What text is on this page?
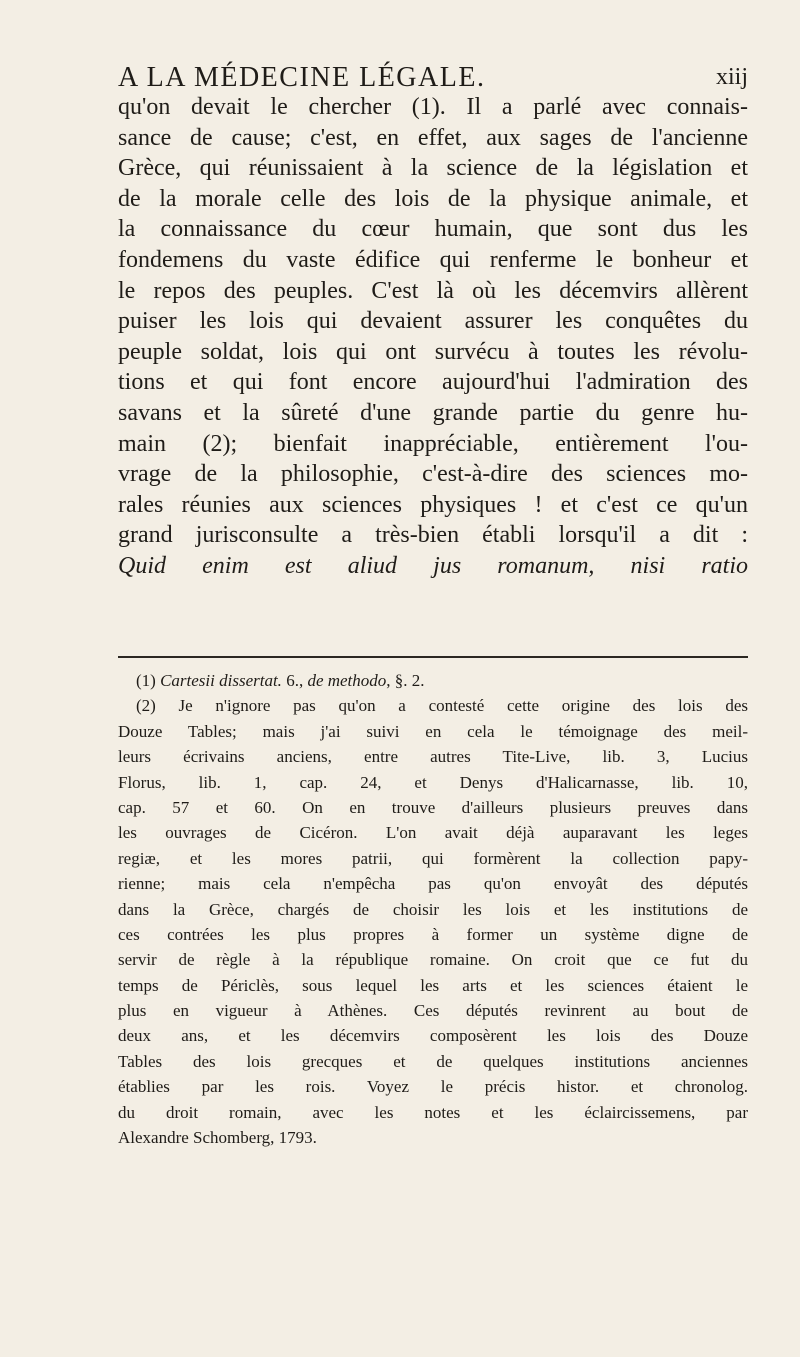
A LA MÉDECINE LÉGALE.	xiij
qu'on devait le chercher (1). Il a parlé avec connais-
sance de cause; c'est, en effet, aux sages de l'ancienne
Grèce, qui réunissaient à la science de la législation et
de la morale celle des lois de la physique animale, et
la connaissance du cœur humain, que sont dus les
fondemens du vaste édifice qui renferme le bonheur et
le repos des peuples. C'est là où les décemvirs allèrent
puiser les lois qui devaient assurer les conquêtes du
peuple soldat, lois qui ont survécu à toutes les révolu-
tions et qui font encore aujourd'hui l'admiration des
savans et la sûreté d'une grande partie du genre hu-
main (2); bienfait inappréciable, entièrement l'ou-
vrage de la philosophie, c'est-à-dire des sciences mo-
rales réunies aux sciences physiques ! et c'est ce qu'un
grand jurisconsulte a très-bien établi lorsqu'il a dit :
Quid enim est aliud jus romanum, nisi ratio
(1) Cartesii dissertat. 6., de methodo, §. 2.
(2) Je n'ignore pas qu'on a contesté cette origine des lois des
Douze Tables; mais j'ai suivi en cela le témoignage des meil-
leurs écrivains anciens, entre autres Tite-Live, lib. 3, Lucius
Florus, lib. 1, cap. 24, et Denys d'Halicarnasse, lib. 10,
cap. 57 et 60. On en trouve d'ailleurs plusieurs preuves dans
les ouvrages de Cicéron. L'on avait déjà auparavant les leges
regiæ, et les mores patrii, qui formèrent la collection papy-
rienne; mais cela n'empêcha pas qu'on envoyât des députés
dans la Grèce, chargés de choisir les lois et les institutions de
ces contrées les plus propres à former un système digne de
servir de règle à la république romaine. On croit que ce fut du
temps de Périclès, sous lequel les arts et les sciences étaient le
plus en vigueur à Athènes. Ces députés revinrent au bout de
deux ans, et les décemvirs composèrent les lois des Douze
Tables des lois grecques et de quelques institutions anciennes
établies par les rois. Voyez le précis histor. et chronolog.
du droit romain, avec les notes et les éclaircissemens, par
Alexandre Schomberg, 1793.
